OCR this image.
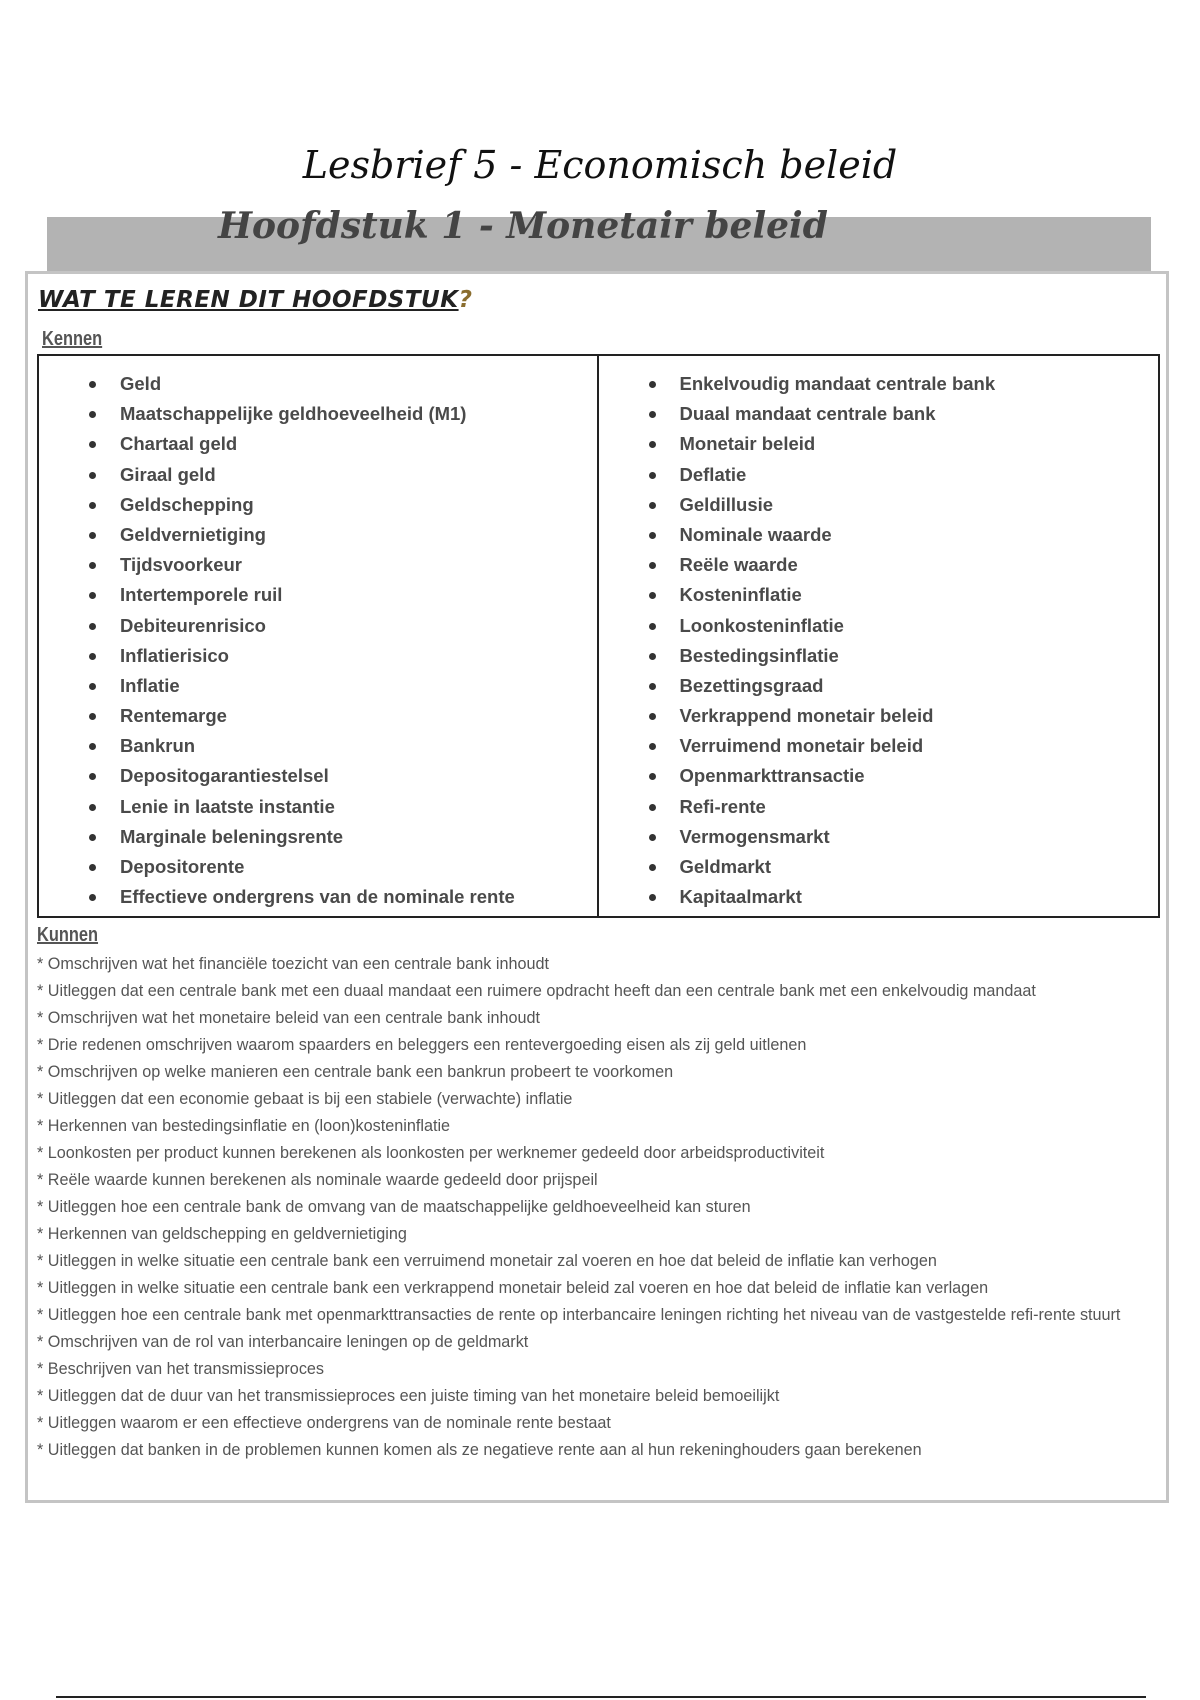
Lesbrief 5 - Economisch beleid
Hoofdstuk 1 - Monetair beleid
WAT TE LEREN DIT HOOFDSTUK?
Kennen
Geld
Maatschappelijke geldhoeveelheid (M1)
Chartaal geld
Giraal geld
Geldschepping
Geldvernietiging
Tijdsvoorkeur
Intertemporele ruil
Debiteurenrisico
Inflatierisico
Inflatie
Rentemarge
Bankrun
Depositogarantiestelsel
Lenie in laatste instantie
Marginale beleningsrente
Depositorente
Effectieve ondergrens van de nominale rente
Enkelvoudig mandaat centrale bank
Duaal mandaat centrale bank
Monetair beleid
Deflatie
Geldillusie
Nominale waarde
Reële waarde
Kosteninflatie
Loonkosteninflatie
Bestedingsinflatie
Bezettingsgraad
Verkrappend monetair beleid
Verruimend monetair beleid
Openmarkttransactie
Refi-rente
Vermogensmarkt
Geldmarkt
Kapitaalmarkt
Kunnen
* Omschrijven wat het financiële toezicht van een centrale bank inhoudt
* Uitleggen dat een centrale bank met een duaal mandaat een ruimere opdracht heeft dan een centrale bank met een enkelvoudig mandaat
* Omschrijven wat het monetaire beleid van een centrale bank inhoudt
* Drie redenen omschrijven waarom spaarders en beleggers een rentevergoeding eisen als zij geld uitlenen
* Omschrijven op welke manieren een centrale bank een bankrun probeert te voorkomen
* Uitleggen dat een economie gebaat is bij een stabiele (verwachte) inflatie
* Herkennen van bestedingsinflatie en (loon)kosteninflatie
* Loonkosten per product kunnen berekenen als loonkosten per werknemer gedeeld door arbeidsproductiviteit
* Reële waarde kunnen berekenen als nominale waarde gedeeld door prijspeil
* Uitleggen hoe een centrale bank de omvang van de maatschappelijke geldhoeveelheid kan sturen
* Herkennen van geldschepping en geldvernietiging
* Uitleggen in welke situatie een centrale bank een verruimend monetair zal voeren en hoe dat beleid de inflatie kan verhogen
* Uitleggen in welke situatie een centrale bank een verkrappend monetair beleid zal voeren en hoe dat beleid de inflatie kan verlagen
* Uitleggen hoe een centrale bank met openmarkttransacties de rente op interbancaire leningen richting het niveau van de vastgestelde refi-rente stuurt
* Omschrijven van de rol van interbancaire leningen op de geldmarkt
* Beschrijven van het transmissieproces
* Uitleggen dat de duur van het transmissieproces een juiste timing van het monetaire beleid bemoeilijkt
* Uitleggen waarom er een effectieve ondergrens van de nominale rente bestaat
* Uitleggen dat banken in de problemen kunnen komen als ze negatieve rente aan al hun rekeninghouders gaan berekenen
